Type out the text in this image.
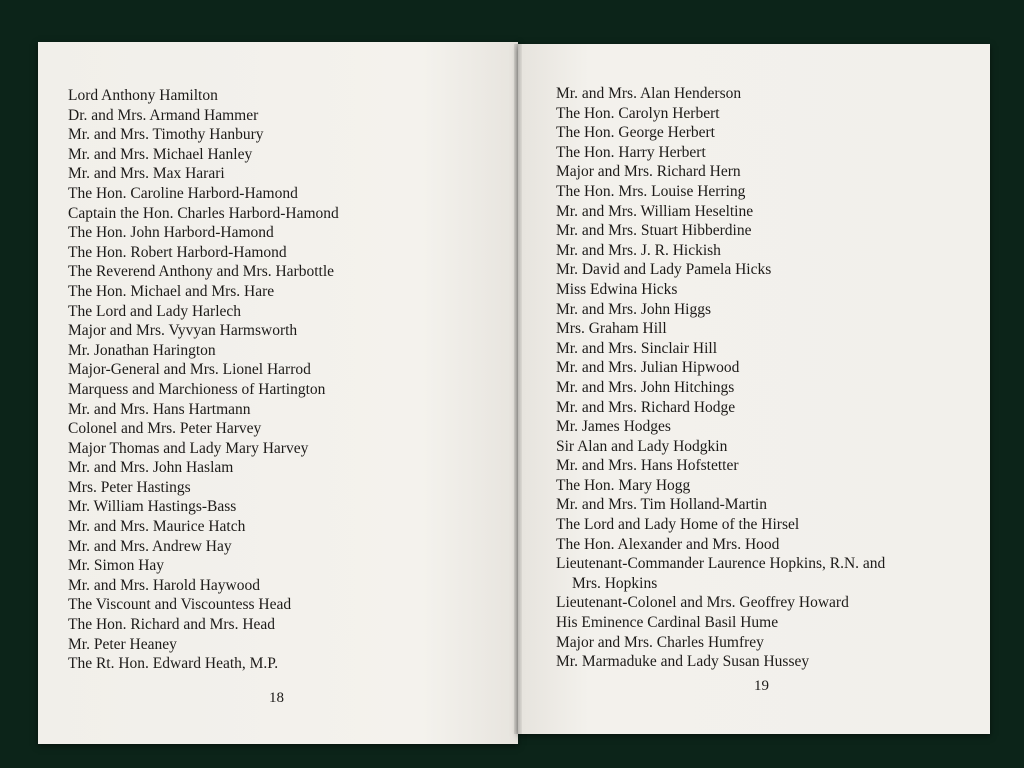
Lord Anthony Hamilton
Dr. and Mrs. Armand Hammer
Mr. and Mrs. Timothy Hanbury
Mr. and Mrs. Michael Hanley
Mr. and Mrs. Max Harari
The Hon. Caroline Harbord-Hamond
Captain the Hon. Charles Harbord-Hamond
The Hon. John Harbord-Hamond
The Hon. Robert Harbord-Hamond
The Reverend Anthony and Mrs. Harbottle
The Hon. Michael and Mrs. Hare
The Lord and Lady Harlech
Major and Mrs. Vyvyan Harmsworth
Mr. Jonathan Harington
Major-General and Mrs. Lionel Harrod
Marquess and Marchioness of Hartington
Mr. and Mrs. Hans Hartmann
Colonel and Mrs. Peter Harvey
Major Thomas and Lady Mary Harvey
Mr. and Mrs. John Haslam
Mrs. Peter Hastings
Mr. William Hastings-Bass
Mr. and Mrs. Maurice Hatch
Mr. and Mrs. Andrew Hay
Mr. Simon Hay
Mr. and Mrs. Harold Haywood
The Viscount and Viscountess Head
The Hon. Richard and Mrs. Head
Mr. Peter Heaney
The Rt. Hon. Edward Heath, M.P.
18
Mr. and Mrs. Alan Henderson
The Hon. Carolyn Herbert
The Hon. George Herbert
The Hon. Harry Herbert
Major and Mrs. Richard Hern
The Hon. Mrs. Louise Herring
Mr. and Mrs. William Heseltine
Mr. and Mrs. Stuart Hibberdine
Mr. and Mrs. J. R. Hickish
Mr. David and Lady Pamela Hicks
Miss Edwina Hicks
Mr. and Mrs. John Higgs
Mrs. Graham Hill
Mr. and Mrs. Sinclair Hill
Mr. and Mrs. Julian Hipwood
Mr. and Mrs. John Hitchings
Mr. and Mrs. Richard Hodge
Mr. James Hodges
Sir Alan and Lady Hodgkin
Mr. and Mrs. Hans Hofstetter
The Hon. Mary Hogg
Mr. and Mrs. Tim Holland-Martin
The Lord and Lady Home of the Hirsel
The Hon. Alexander and Mrs. Hood
Lieutenant-Commander Laurence Hopkins, R.N. and
Mrs. Hopkins
Lieutenant-Colonel and Mrs. Geoffrey Howard
His Eminence Cardinal Basil Hume
Major and Mrs. Charles Humfrey
Mr. Marmaduke and Lady Susan Hussey
19
